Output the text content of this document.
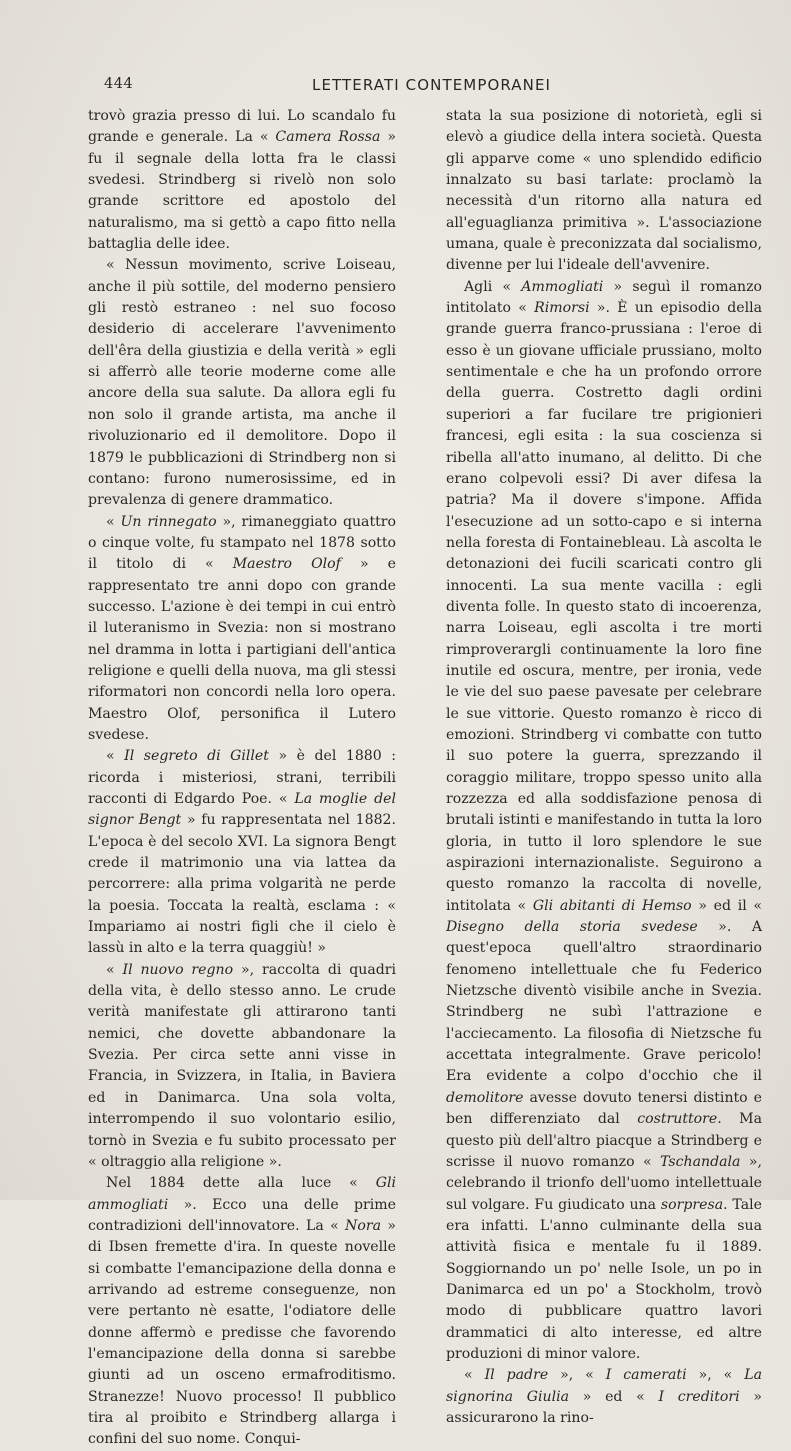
444	LETTERATI CONTEMPORANEI

trovò grazia presso di lui. Lo scandalo fu grande e generale. La « Camera Rossa » fu il segnale della lotta fra le classi svedesi. Strindberg si rivelò non solo grande scrittore ed apostolo del naturalismo, ma si gettò a capo fitto nella battaglia delle idee.

« Nessun movimento, scrive Loiseau, anche il più sottile, del moderno pensiero gli restò estraneo : nel suo focoso desiderio di accelerare l'avvenimento dell'êra della giustizia e della verità » egli si afferrò alle teorie moderne come alle ancore della sua salute. Da allora egli fu non solo il grande artista, ma anche il rivoluzionario ed il demolitore. Dopo il 1879 le pubblicazioni di Strindberg non si contano: furono numerosissime, ed in prevalenza di genere drammatico.

« Un rinnegato », rimaneggiato quattro o cinque volte, fu stampato nel 1878 sotto il titolo di « Maestro Olof » e rappresentato tre anni dopo con grande successo. L'azione è dei tempi in cui entrò il luteranismo in Svezia: non si mostrano nel dramma in lotta i partigiani dell'antica religione e quelli della nuova, ma gli stessi riformatori non concordi nella loro opera. Maestro Olof, personifica il Lutero svedese.

« Il segreto di Gillet » è del 1880 : ricorda i misteriosi, strani, terribili racconti di Edgardo Poe. « La moglie del signor Bengt » fu rappresentata nel 1882. L'epoca è del secolo XVI. La signora Bengt crede il matrimonio una via lattea da percorrere: alla prima volgarità ne perde la poesia. Toccata la realtà, esclama : « Impariamo ai nostri figli che il cielo è lassù in alto e la terra quaggiù! »

« Il nuovo regno », raccolta di quadri della vita, è dello stesso anno. Le crude verità manifestate gli attirarono tanti nemici, che dovette abbandonare la Svezia. Per circa sette anni visse in Francia, in Svizzera, in Italia, in Baviera ed in Danimarca. Una sola volta, interrompendo il suo volontario esilio, tornò in Svezia e fu subito processato per « oltraggio alla religione ».

Nel 1884 dette alla luce « Gli ammogliati ». Ecco una delle prime contradizioni dell'innovatore. La « Nora » di Ibsen fremette d'ira. In queste novelle si combatte l'emancipazione della donna e arrivando ad estreme conseguenze, non vere pertanto nè esatte, l'odiatore delle donne affermò e predisse che favorendo l'emancipazione della donna si sarebbe giunti ad un osceno ermafroditismo. Stranezze! Nuovo processo! Il pubblico tira al proibito e Strindberg allarga i confini del suo nome. Conqui-

stata la sua posizione di notorietà, egli si elevò a giudice della intera società. Questa gli apparve come « uno splendido edificio innalzato su basi tarlate: proclamò la necessità d'un ritorno alla natura ed all'eguaglianza primitiva ». L'associazione umana, quale è preconizzata dal socialismo, divenne per lui l'ideale dell'avvenire.

Agli « Ammogliati » seguì il romanzo intitolato « Rimorsi ». È un episodio della grande guerra franco-prussiana : l'eroe di esso è un giovane ufficiale prussiano, molto sentimentale e che ha un profondo orrore della guerra. Costretto dagli ordini superiori a far fucilare tre prigionieri francesi, egli esita : la sua coscienza si ribella all'atto inumano, al delitto. Di che erano colpevoli essi? Di aver difesa la patria? Ma il dovere s'impone. Affida l'esecuzione ad un sotto-capo e si interna nella foresta di Fontainebleau. Là ascolta le detonazioni dei fucili scaricati contro gli innocenti. La sua mente vacilla : egli diventa folle. In questo stato di incoerenza, narra Loiseau, egli ascolta i tre morti rimproverargli continuamente la loro fine inutile ed oscura, mentre, per ironia, vede le vie del suo paese pavesate per celebrare le sue vittorie. Questo romanzo è ricco di emozioni. Strindberg vi combatte con tutto il suo potere la guerra, sprezzando il coraggio militare, troppo spesso unito alla rozzezza ed alla soddisfazione penosa di brutali istinti e manifestando in tutta la loro gloria, in tutto il loro splendore le sue aspirazioni internazionaliste. Seguirono a questo romanzo la raccolta di novelle, intitolata « Gli abitanti di Hemso » ed il « Disegno della storia svedese ». A quest'epoca quell'altro straordinario fenomeno intellettuale che fu Federico Nietzsche diventò visibile anche in Svezia. Strindberg ne subì l'attrazione e l'acciecamento. La filosofia di Nietzsche fu accettata integralmente. Grave pericolo! Era evidente a colpo d'occhio che il demolitore avesse dovuto tenersi distinto e ben differenziato dal costruttore. Ma questo più dell'altro piacque a Strindberg e scrisse il nuovo romanzo « Tschandala », celebrando il trionfo dell'uomo intellettuale sul volgare. Fu giudicato una sorpresa. Tale era infatti. L'anno culminante della sua attività fisica e mentale fu il 1889. Soggiornando un po' nelle Isole, un po in Danimarca ed un po' a Stockholm, trovò modo di pubblicare quattro lavori drammatici di alto interesse, ed altre produzioni di minor valore.

« Il padre », « I camerati », « La signorina Giulia » ed « I creditori » assicurarono la rino-
